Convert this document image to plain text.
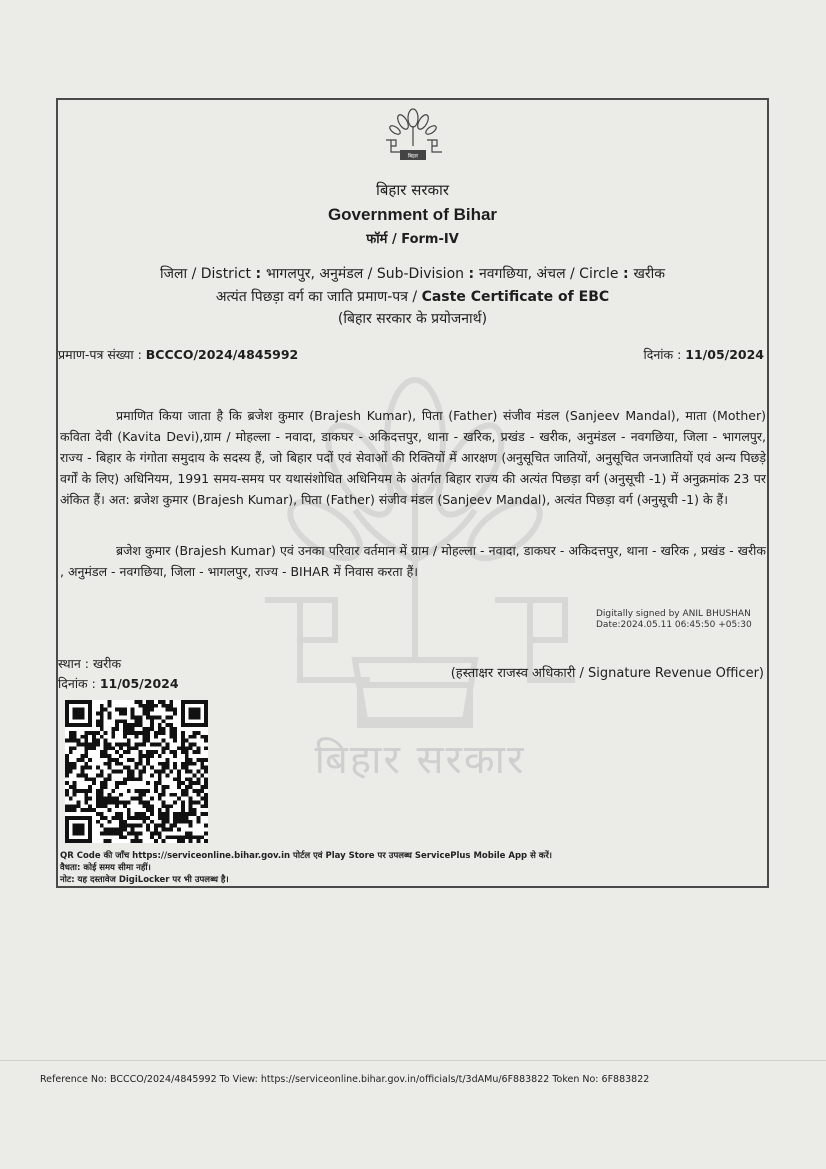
बिहार सरकार
बिहार
बिहार सरकार
Government of Bihar
फॉर्म / Form-IV
जिला / District : भागलपुर, अनुमंडल / Sub-Division : नवगछिया, अंचल / Circle : खरीक
अत्यंत पिछड़ा वर्ग का जाति प्रमाण-पत्र / Caste Certificate of EBC
(बिहार सरकार के प्रयोजनार्थ)
प्रमाण-पत्र संख्या : BCCCO/2024/4845992	दिनांक : 11/05/2024

प्रमाणित किया जाता है कि ब्रजेश कुमार (Brajesh Kumar), पिता (Father) संजीव मंडल (Sanjeev Mandal), माता (Mother) कविता देवी (Kavita Devi),ग्राम / मोहल्ला - नवादा, डाकघर - अकिदत्तपुर, थाना - खरिक, प्रखंड - खरीक, अनुमंडल - नवगछिया, जिला - भागलपुर, राज्य - बिहार के गंगोता समुदाय के सदस्य हैं, जो बिहार पदों एवं सेवाओं की रिक्तियों में आरक्षण (अनुसूचित जातियों, अनुसूचित जनजातियों एवं अन्य पिछड़े वर्गों के लिए) अधिनियम, 1991 समय-समय पर यथासंशोधित अधिनियम के अंतर्गत बिहार राज्य की अत्यंत पिछड़ा वर्ग (अनुसूची -1) में अनुक्रमांक 23 पर अंकित हैं। अत: ब्रजेश कुमार (Brajesh Kumar), पिता (Father) संजीव मंडल (Sanjeev Mandal), अत्यंत पिछड़ा वर्ग (अनुसूची -1) के हैं।

ब्रजेश कुमार (Brajesh Kumar) एवं उनका परिवार वर्तमान में ग्राम / मोहल्ला - नवादा, डाकघर - अकिदत्तपुर, थाना - खरिक , प्रखंड - खरीक , अनुमंडल - नवगछिया, जिला - भागलपुर, राज्य - BIHAR में निवास करता हैं।

Digitally signed by ANIL BHUSHAN
Date:2024.05.11 06:45:50 +05:30
स्थान : खरीक
दिनांक : 11/05/2024
(हस्ताक्षर राजस्व अधिकारी / Signature Revenue Officer)
QR Code की जाँच https://serviceonline.bihar.gov.in पोर्टल एवं Play Store पर उपलब्ध ServicePlus Mobile App से करें।
वैधता: कोई समय सीमा नहीं।
नोट: यह दस्तावेज DigiLocker पर भी उपलब्ध है।
Reference No: BCCCO/2024/4845992 To View: https://serviceonline.bihar.gov.in/officials/t/3dAMu/6F883822 Token No: 6F883822
